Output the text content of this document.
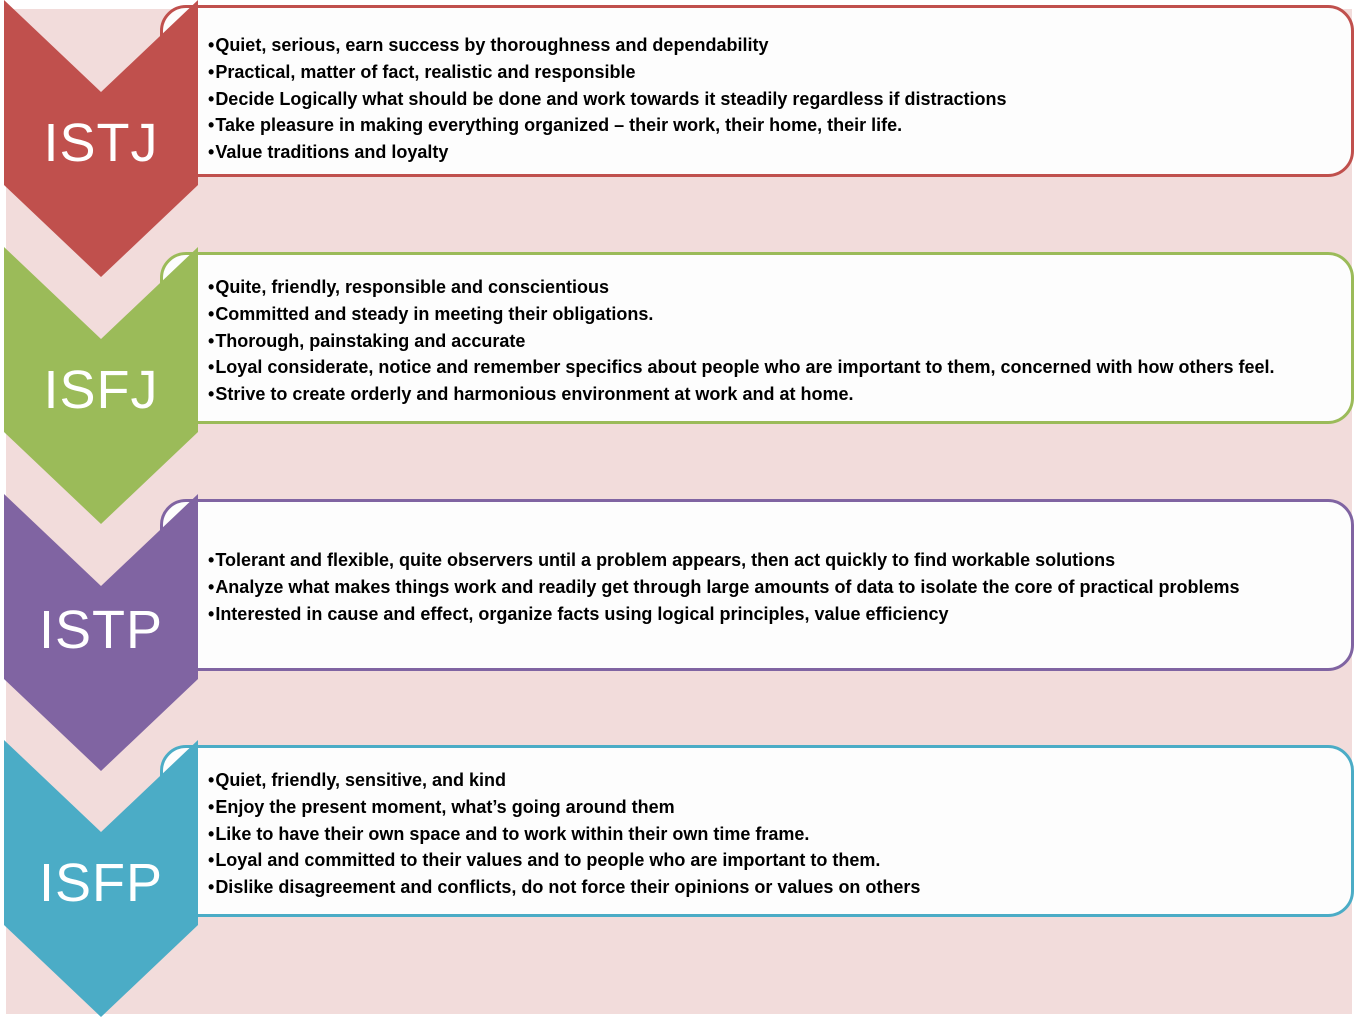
ISTJ
•Quiet, serious, earn success by thoroughness and dependability
•Practical, matter of fact, realistic and responsible
•Decide Logically what should be done and work towards it steadily regardless if distractions
•Take pleasure in making everything organized – their work, their home, their life.
•Value traditions and loyalty
ISFJ
•Quite, friendly, responsible and conscientious
•Committed and steady in meeting their obligations.
•Thorough, painstaking and accurate
•Loyal considerate, notice and remember specifics about people who are important to them, concerned with how others feel.
•Strive to create orderly and harmonious environment at work and at home.
ISTP
•Tolerant and flexible, quite observers until a problem appears, then act quickly to find workable solutions
•Analyze what makes things work and readily get through large amounts of data to isolate the core of practical problems
•Interested in cause and effect, organize facts using logical principles, value efficiency
ISFP
•Quiet, friendly, sensitive, and kind
•Enjoy the present moment, what’s going around them
•Like to have their own space and to work within their own time frame.
•Loyal and committed to their values and to people who are important to them.
•Dislike disagreement and conflicts, do not force their opinions or values on others
